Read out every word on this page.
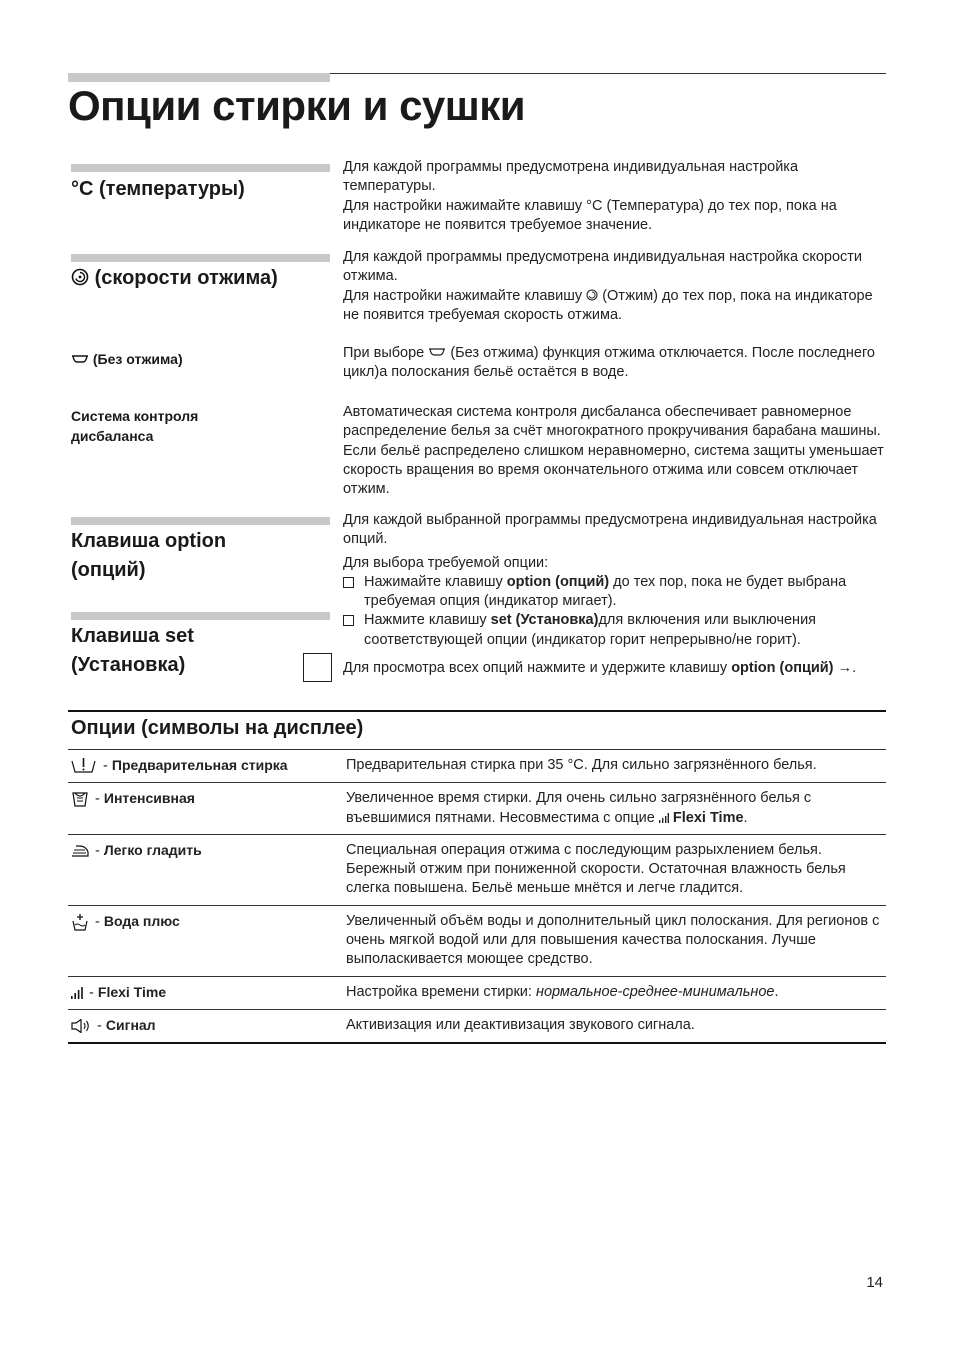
Опции стирки и сушки
°C (температуры)

Для каждой программы предусмотрена индивидуальная настройка температуры.

Для настройки нажимайте клавишу °C (Температура) до тех пор, пока на индикаторе не появится требуемое значение.

(скорости отжима)

Для каждой программы предусмотрена индивидуальная настройка скорости отжима.

Для настройки нажимайте клавишу (Отжим) до тех пор, пока на индикаторе не появится требуемая скорость отжима.

(Без отжима)	При выборе (Без отжима) функция отжима отключается. После последнего цикл)а полоскания бельё остаётся в воде.

Система контроля дисбаланса

Автоматическая система контроля дисбаланса обеспечивает равномерное распределение белья за счёт многократного прокручивания барабана машины. Если бельё распределено слишком неравномерно, система защиты уменьшает скорость вращения во время окончательного отжима или совсем отключает отжим.

Клавиша option (опций)

Для каждой выбранной программы предусмотрена индивидуальная настройка опций.

Для выбора требуемой опции:

Нажимайте клавишу option (опций) до тех пор, пока не будет выбрана требуемая опция (индикатор мигает).
Нажмите клавишу set (Установка)для включения или выключения соответствующей опции (индикатор горит непрерывно/не горит).

Для просмотра всех опций нажмите и удержите клавишу option (опций) →.

Клавиша set (Установка)
Опции (символы на дисплее)
- Предварительная стирка	Предварительная стирка при 35 °C. Для сильно загрязнённого белья.
- Интенсивная	Увеличенное время стирки. Для очень сильно загрязнённого белья с въевшимися пятнами. Несовместима с опцие Flexi Time.
- Легко гладить	Специальная операция отжима с последующим разрыхлением белья. Бережный отжим при пониженной скорости. Остаточная влажность белья слегка повышена. Бельё меньше мнётся и легче гладится.
- Вода плюс	Увеличенный объём воды и дополнительный цикл полоскания. Для регионов с очень мягкой водой или для повышения качества полоскания. Лучше выполаскивается моющее средство.
- Flexi Time	Настройка времени стирки: нормальное-среднее-минимальное.
- Сигнал	Активизация или деактивизация звукового сигнала.
14
